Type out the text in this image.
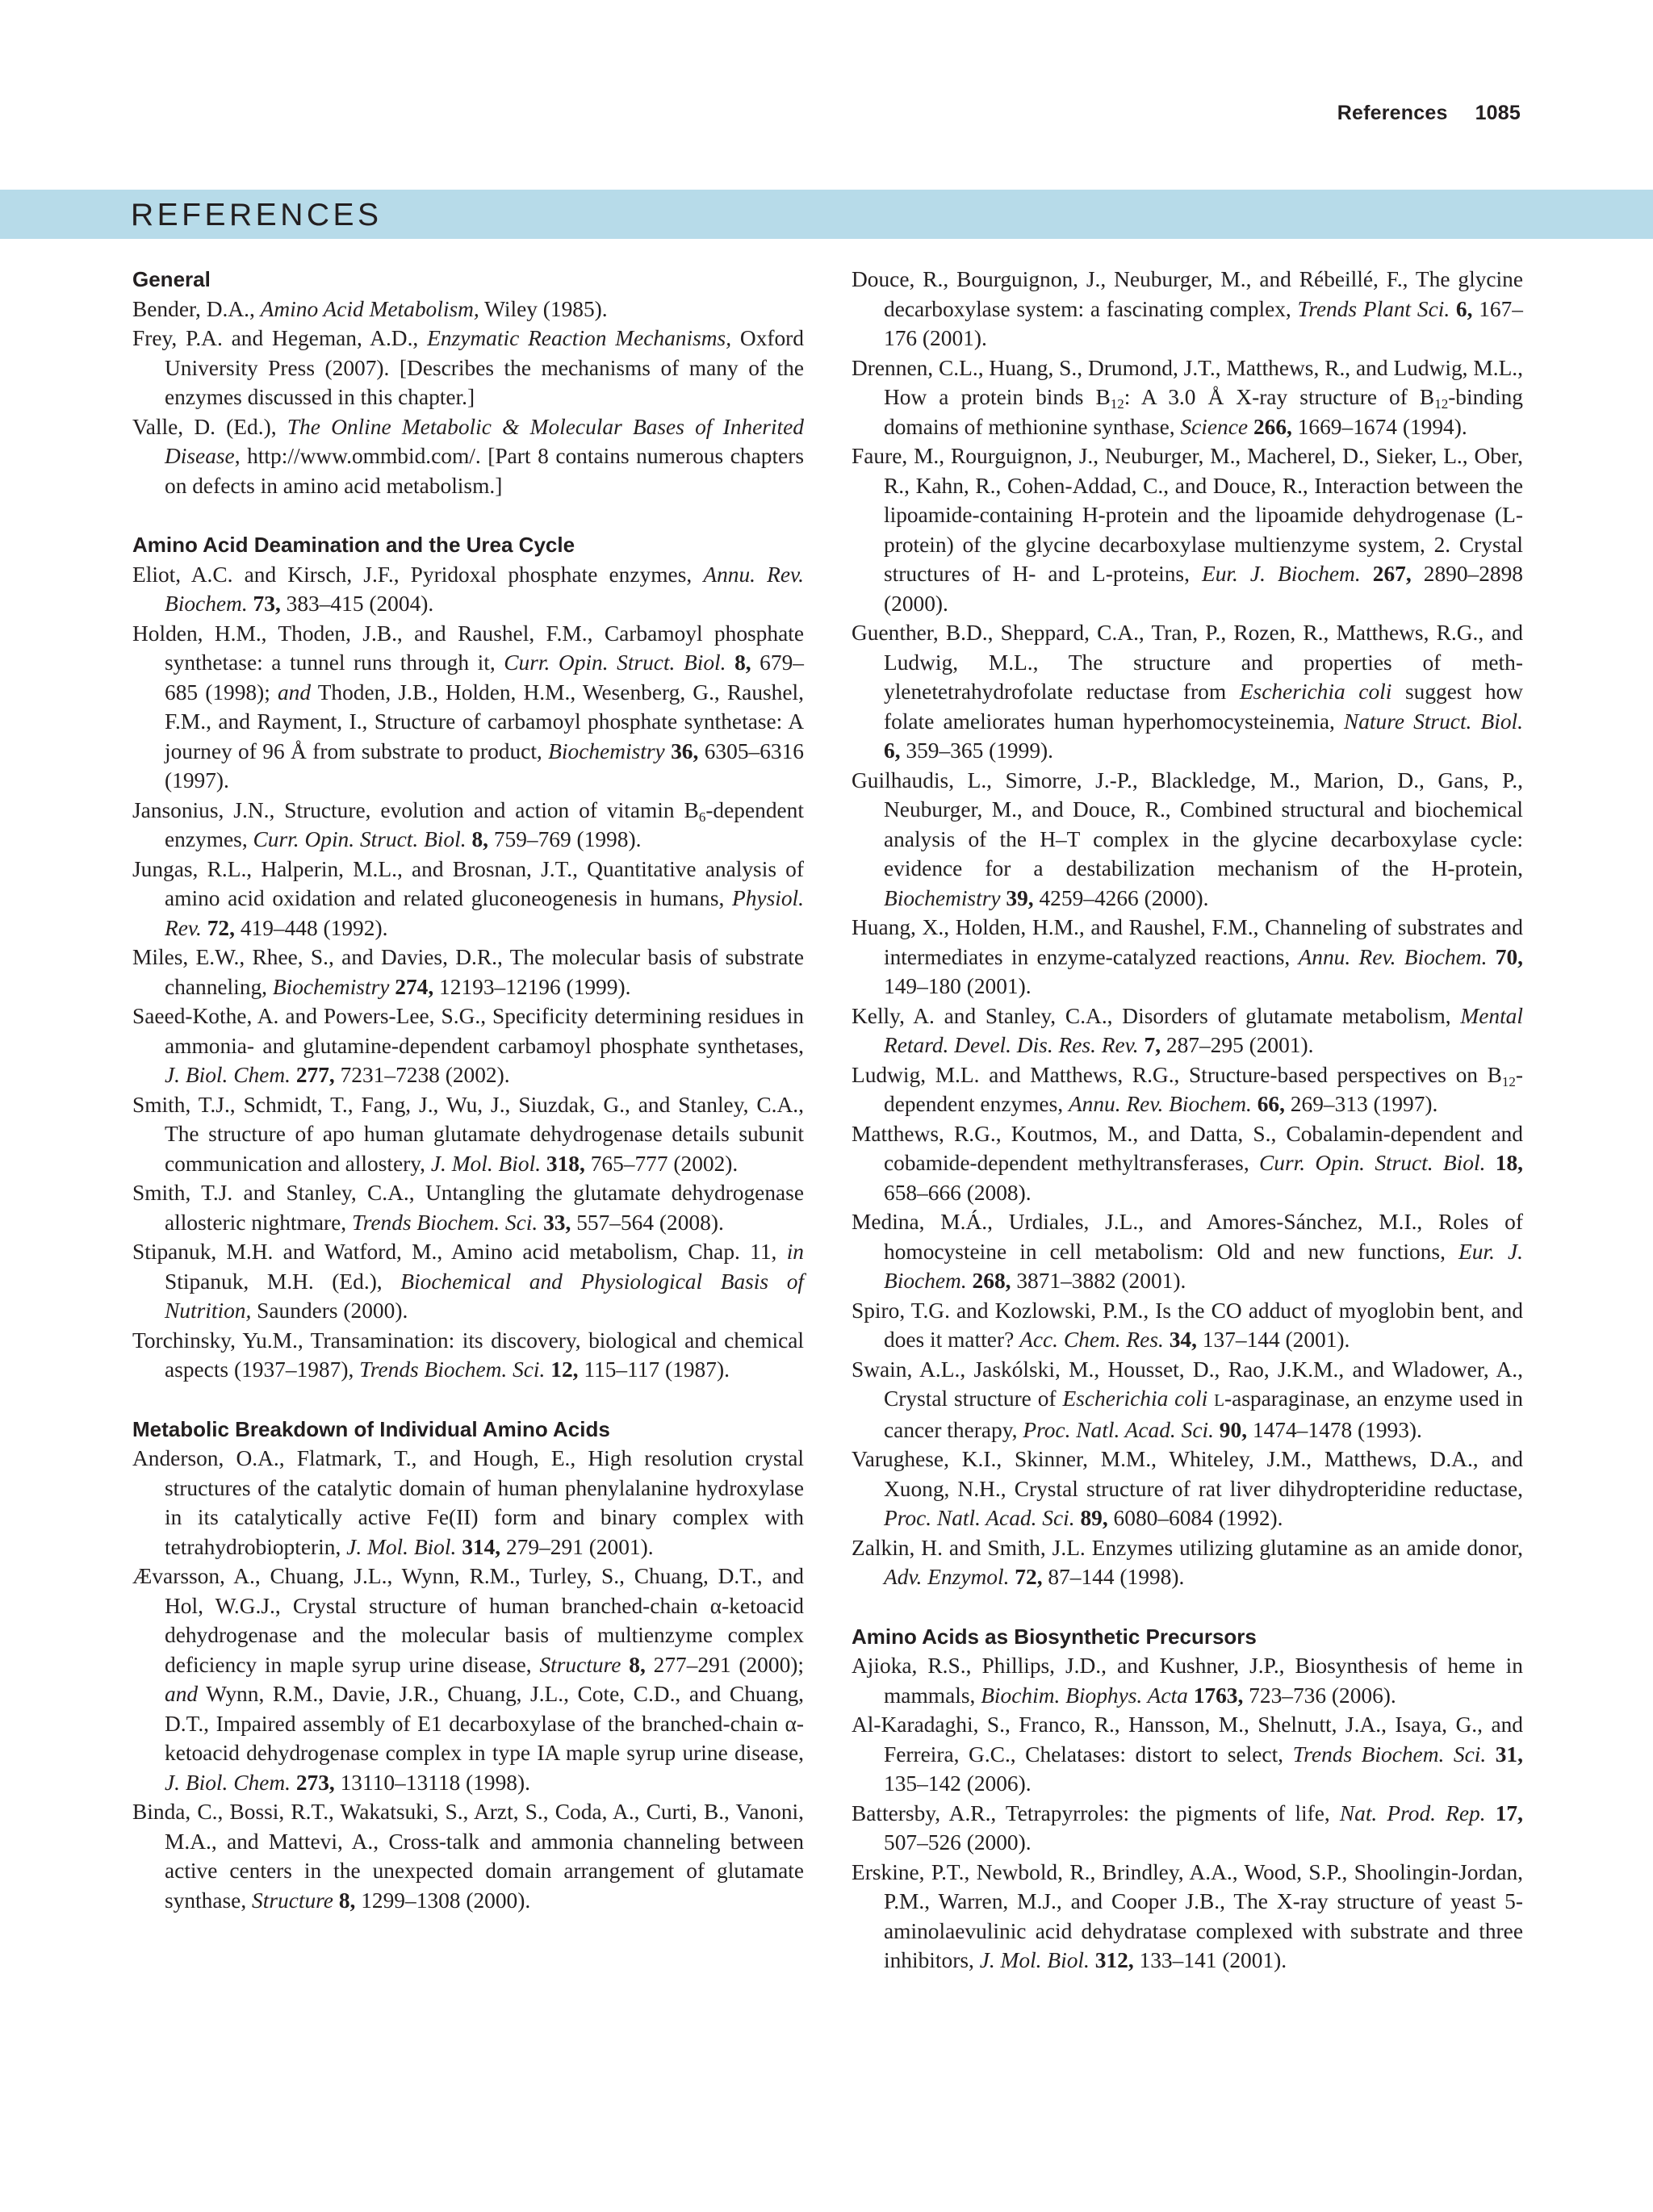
References 1085
REFERENCES

General

Bender, D.A., Amino Acid Metabolism, Wiley (1985).

Frey, P.A. and Hegeman, A.D., Enzymatic Reaction Mechanisms, Oxford University Press (2007). [Describes the mechanisms of many of the enzymes discussed in this chapter.]

Valle, D. (Ed.), The Online Metabolic & Molecular Bases of Inherited Disease, http://www.ommbid.com/. [Part 8 contains numerous chapters on defects in amino acid metabolism.]

Amino Acid Deamination and the Urea Cycle

Eliot, A.C. and Kirsch, J.F., Pyridoxal phosphate enzymes, Annu. Rev. Biochem. 73, 383–415 (2004).

Holden, H.M., Thoden, J.B., and Raushel, F.M., Carbamoyl phosphate synthetase: a tunnel runs through it, Curr. Opin. Struct. Biol. 8, 679–685 (1998); and Thoden, J.B., Holden, H.M., Wesenberg, G., Raushel, F.M., and Rayment, I., Structure of carbamoyl phosphate synthetase: A journey of 96 Å from substrate to product, Biochemistry 36, 6305–6316 (1997).

Jansonius, J.N., Structure, evolution and action of vitamin $B_6$-dependent enzymes, Curr. Opin. Struct. Biol. 8, 759–769 (1998).

Jungas, R.L., Halperin, M.L., and Brosnan, J.T., Quantitative analysis of amino acid oxidation and related gluconeogenesis in humans, Physiol. Rev. 72, 419–448 (1992).

Miles, E.W., Rhee, S., and Davies, D.R., The molecular basis of substrate channeling, Biochemistry 274, 12193–12196 (1999).

Saeed-Kothe, A. and Powers-Lee, S.G., Specificity determining residues in ammonia- and glutamine-dependent carbamoyl phosphate synthetases, J. Biol. Chem. 277, 7231–7238 (2002).

Smith, T.J., Schmidt, T., Fang, J., Wu, J., Siuzdak, G., and Stanley, C.A., The structure of apo human glutamate dehydrogenase details subunit communication and allostery, J. Mol. Biol. 318, 765–777 (2002).

Smith, T.J. and Stanley, C.A., Untangling the glutamate dehydrogenase allosteric nightmare, Trends Biochem. Sci. 33, 557–564 (2008).

Stipanuk, M.H. and Watford, M., Amino acid metabolism, Chap. 11, in Stipanuk, M.H. (Ed.), Biochemical and Physiological Basis of Nutrition, Saunders (2000).

Torchinsky, Yu.M., Transamination: its discovery, biological and chemical aspects (1937–1987), Trends Biochem. Sci. 12, 115–117 (1987).

Metabolic Breakdown of Individual Amino Acids

Anderson, O.A., Flatmark, T., and Hough, E., High resolution crystal structures of the catalytic domain of human phenylalanine hydroxylase in its catalytically active Fe(II) form and binary complex with tetrahydrobiopterin, J. Mol. Biol. 314, 279–291 (2001).

Ævarsson, A., Chuang, J.L., Wynn, R.M., Turley, S., Chuang, D.T., and Hol, W.G.J., Crystal structure of human branched-chain α-ketoacid dehydrogenase and the molecular basis of multienzyme complex deficiency in maple syrup urine disease, Structure 8, 277–291 (2000); and Wynn, R.M., Davie, J.R., Chuang, J.L., Cote, C.D., and Chuang, D.T., Impaired assembly of E1 decarboxylase of the branched-chain α-ketoacid dehydrogenase complex in type IA maple syrup urine disease, J. Biol. Chem. 273, 13110–13118 (1998).

Binda, C., Bossi, R.T., Wakatsuki, S., Arzt, S., Coda, A., Curti, B., Vanoni, M.A., and Mattevi, A., Cross-talk and ammonia channeling between active centers in the unexpected domain arrangement of glutamate synthase, Structure 8, 1299–1308 (2000).

Douce, R., Bourguignon, J., Neuburger, M., and Rébeillé, F., The glycine decarboxylase system: a fascinating complex, Trends Plant Sci. 6, 167–176 (2001).

Drennen, C.L., Huang, S., Drumond, J.T., Matthews, R., and Ludwig, M.L., How a protein binds $B_{12}$: A 3.0 Å X-ray structure of $B_{12}$-binding domains of methionine synthase, Science 266, 1669–1674 (1994).

Faure, M., Rourguignon, J., Neuburger, M., Macherel, D., Sieker, L., Ober, R., Kahn, R., Cohen-Addad, C., and Douce, R., Interaction between the lipoamide-containing H-protein and the lipoamide dehydrogenase (L-protein) of the glycine decarboxylase multienzyme system, 2. Crystal structures of H- and L-proteins, Eur. J. Biochem. 267, 2890–2898 (2000).

Guenther, B.D., Sheppard, C.A., Tran, P., Rozen, R., Matthews, R.G., and Ludwig, M.L., The structure and properties of methylenetetrahydrofolate reductase from Escherichia coli suggest how folate ameliorates human hyperhomocysteinemia, Nature Struct. Biol. 6, 359–365 (1999).

Guilhaudis, L., Simorre, J.-P., Blackledge, M., Marion, D., Gans, P., Neuburger, M., and Douce, R., Combined structural and biochemical analysis of the H–T complex in the glycine decarboxylase cycle: evidence for a destabilization mechanism of the H-protein, Biochemistry 39, 4259–4266 (2000).

Huang, X., Holden, H.M., and Raushel, F.M., Channeling of substrates and intermediates in enzyme-catalyzed reactions, Annu. Rev. Biochem. 70, 149–180 (2001).

Kelly, A. and Stanley, C.A., Disorders of glutamate metabolism, Mental Retard. Devel. Dis. Res. Rev. 7, 287–295 (2001).

Ludwig, M.L. and Matthews, R.G., Structure-based perspectives on $B_{12}$-dependent enzymes, Annu. Rev. Biochem. 66, 269–313 (1997).

Matthews, R.G., Koutmos, M., and Datta, S., Cobalamin-dependent and cobamide-dependent methyltransferases, Curr. Opin. Struct. Biol. 18, 658–666 (2008).

Medina, M.Á., Urdiales, J.L., and Amores-Sánchez, M.I., Roles of homocysteine in cell metabolism: Old and new functions, Eur. J. Biochem. 268, 3871–3882 (2001).

Spiro, T.G. and Kozlowski, P.M., Is the CO adduct of myoglobin bent, and does it matter? Acc. Chem. Res. 34, 137–144 (2001).

Swain, A.L., Jaskólski, M., Housset, D., Rao, J.K.M., and Wladower, A., Crystal structure of Escherichia coli L-asparaginase, an enzyme used in cancer therapy, Proc. Natl. Acad. Sci. 90, 1474–1478 (1993).

Varughese, K.I., Skinner, M.M., Whiteley, J.M., Matthews, D.A., and Xuong, N.H., Crystal structure of rat liver dihydropteridine reductase, Proc. Natl. Acad. Sci. 89, 6080–6084 (1992).

Zalkin, H. and Smith, J.L. Enzymes utilizing glutamine as an amide donor, Adv. Enzymol. 72, 87–144 (1998).

Amino Acids as Biosynthetic Precursors

Ajioka, R.S., Phillips, J.D., and Kushner, J.P., Biosynthesis of heme in mammals, Biochim. Biophys. Acta 1763, 723–736 (2006).

Al-Karadaghi, S., Franco, R., Hansson, M., Shelnutt, J.A., Isaya, G., and Ferreira, G.C., Chelatases: distort to select, Trends Biochem. Sci. 31, 135–142 (2006).

Battersby, A.R., Tetrapyrroles: the pigments of life, Nat. Prod. Rep. 17, 507–526 (2000).

Erskine, P.T., Newbold, R., Brindley, A.A., Wood, S.P., Shoolingin-Jordan, P.M., Warren, M.J., and Cooper J.B., The X-ray structure of yeast 5-aminolaevulinic acid dehydratase complexed with substrate and three inhibitors, J. Mol. Biol. 312, 133–141 (2001).
